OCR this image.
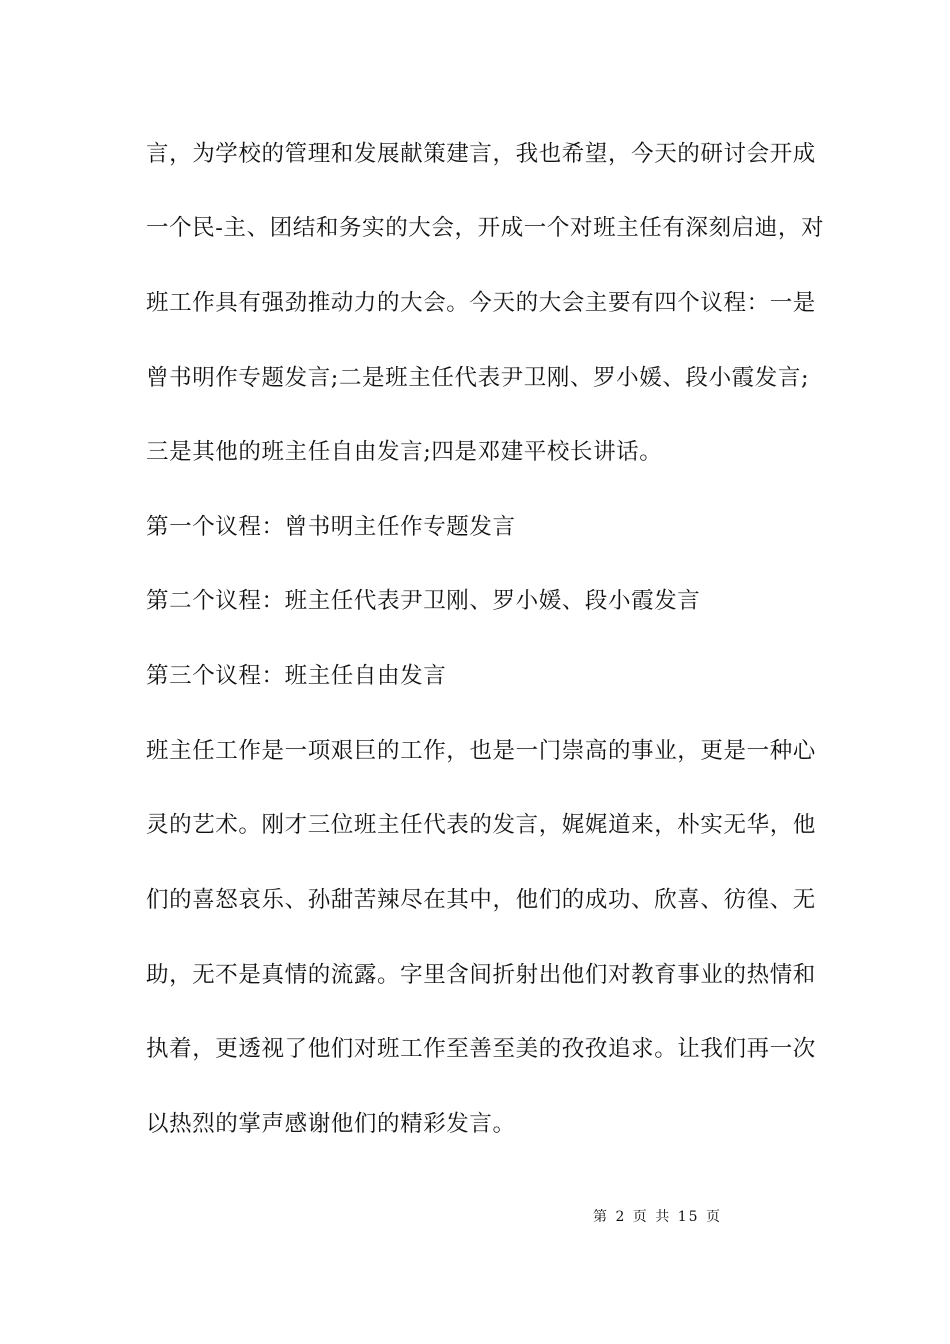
言，为学校的管理和发展献策建言，我也希望，今天的研讨会开成
一个民-主、团结和务实的大会，开成一个对班主任有深刻启迪，对
班工作具有强劲推动力的大会。今天的大会主要有四个议程：一是
曾书明作专题发言;二是班主任代表尹卫刚、罗小媛、段小霞发言;
三是其他的班主任自由发言;四是邓建平校长讲话。
第一个议程：曾书明主任作专题发言
第二个议程：班主任代表尹卫刚、罗小媛、段小霞发言
第三个议程：班主任自由发言
班主任工作是一项艰巨的工作，也是一门崇高的事业，更是一种心
灵的艺术。刚才三位班主任代表的发言，娓娓道来，朴实无华，他
们的喜怒哀乐、孙甜苦辣尽在其中，他们的成功、欣喜、彷徨、无
助，无不是真情的流露。字里含间折射出他们对教育事业的热情和
执着，更透视了他们对班工作至善至美的孜孜追求。让我们再一次
以热烈的掌声感谢他们的精彩发言。
第 2 页 共 15 页
